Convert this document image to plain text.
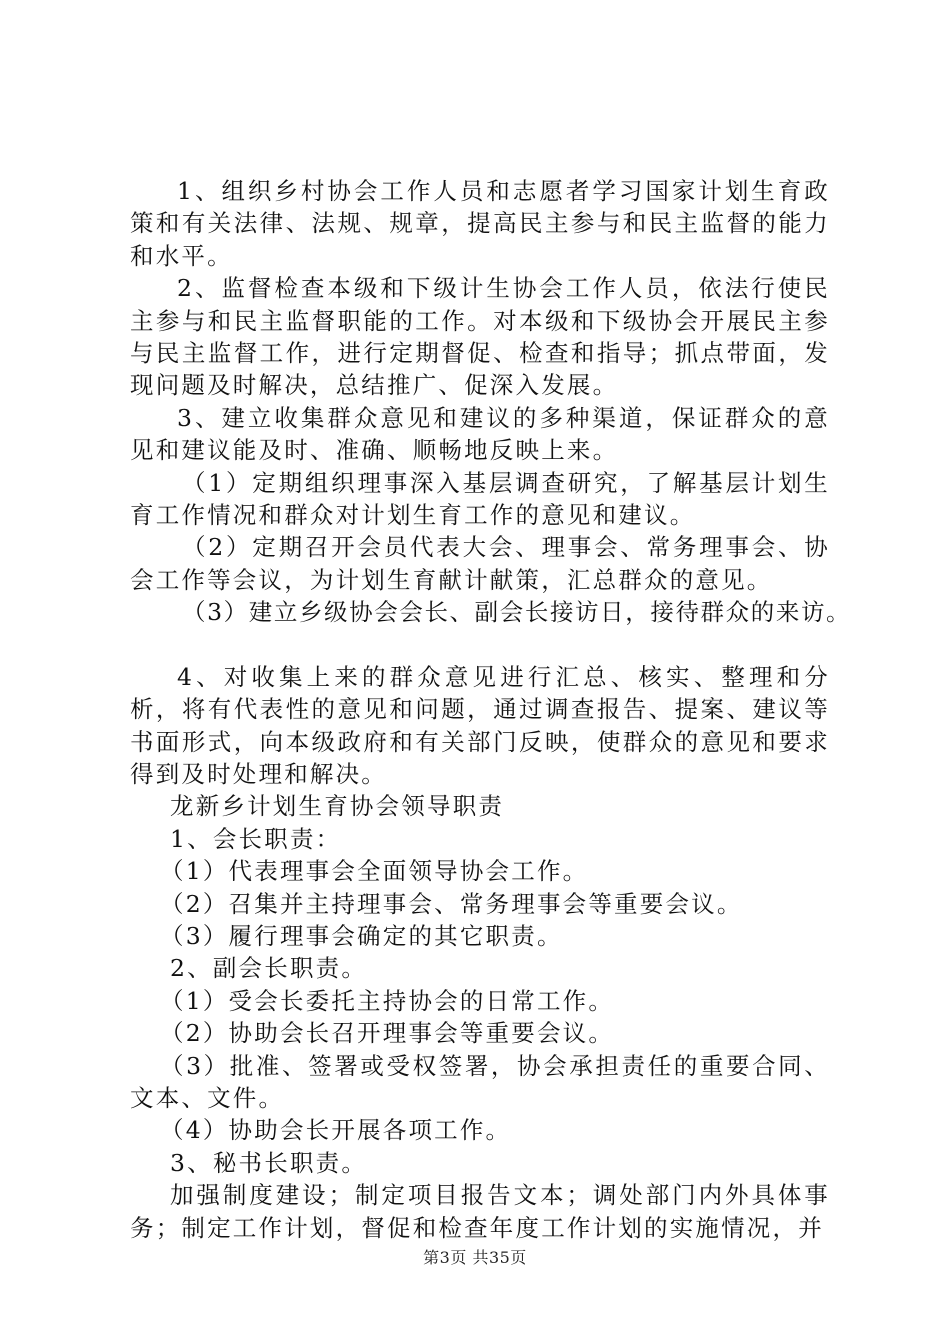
1、组织乡村协会工作人员和志愿者学习国家计划生育政策和有关法律、法规、规章，提高民主参与和民主监督的能力和水平。

2、监督检查本级和下级计生协会工作人员，依法行使民主参与和民主监督职能的工作。对本级和下级协会开展民主参与民主监督工作，进行定期督促、检查和指导；抓点带面，发现问题及时解决，总结推广、促深入发展。

3、建立收集群众意见和建议的多种渠道，保证群众的意见和建议能及时、准确、顺畅地反映上来。

（1）定期组织理事深入基层调查研究，了解基层计划生育工作情况和群众对计划生育工作的意见和建议。

（2）定期召开会员代表大会、理事会、常务理事会、协会工作等会议，为计划生育献计献策，汇总群众的意见。

（3）建立乡级协会会长、副会长接访日，接待群众的来访。

4、对收集上来的群众意见进行汇总、核实、整理和分析，将有代表性的意见和问题，通过调查报告、提案、建议等书面形式，向本级政府和有关部门反映，使群众的意见和要求得到及时处理和解决。

龙新乡计划生育协会领导职责

1、会长职责：

（1）代表理事会全面领导协会工作。

（2）召集并主持理事会、常务理事会等重要会议。

（3）履行理事会确定的其它职责。

2、副会长职责。

（1）受会长委托主持协会的日常工作。

（2）协助会长召开理事会等重要会议。

（3）批准、签署或受权签署，协会承担责任的重要合同、文本、文件。

（4）协助会长开展各项工作。

3、秘书长职责。

加强制度建设；制定项目报告文本；调处部门内外具体事务；制定工作计划，督促和检查年度工作计划的实施情况，并

第3页 共35页
